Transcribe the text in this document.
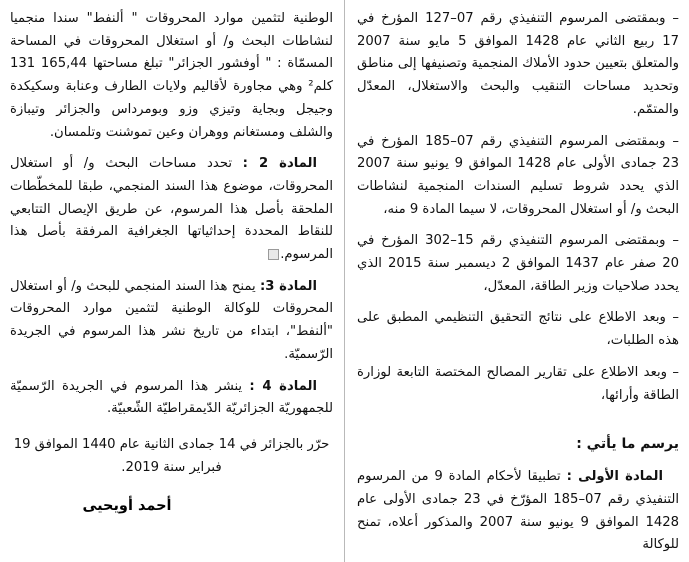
– وبمقتضى المرسوم التنفيذي رقم 07–127 المؤرخ في 17 ربيع الثاني عام 1428 الموافق 5 مايو سنة 2007 والمتعلق بتعيين حدود الأملاك المنجمية وتصنيفها إلى مناطق وتحديد مساحات التنقيب والبحث والاستغلال، المعدّل والمتمّم.

– وبمقتضى المرسوم التنفيذي رقم 07–185 المؤرخ في 23 جمادى الأولى عام 1428 الموافق 9 يونيو سنة 2007 الذي يحدد شروط تسليم السندات المنجمية لنشاطات البحث و/ أو استغلال المحروقات، لا سيما المادة 9 منه،

– وبمقتضى المرسوم التنفيذي رقم 15–302 المؤرخ في 20 صفر عام 1437 الموافق 2 ديسمبر سنة 2015 الذي يحدد صلاحيات وزير الطاقة، المعدّل،

– وبعد الاطلاع على نتائج التحقيق التنظيمي المطبق على هذه الطلبات،

– وبعد الاطلاع على تقارير المصالح المختصة التابعة لوزارة الطاقة وأرائها،

يرسم ما يأتي :

المادة الأولى : تطبيقا لأحكام المادة 9 من المرسوم التنفيذي رقم 07–185 المؤرّخ في 23 جمادى الأولى عام 1428 الموافق 9 يونيو سنة 2007 والمذكور أعلاه، تمنح للوكالة

الوطنية لتثمين موارد المحروقات " ألنفط" سندا منجميا لنشاطات البحث و/ أو استغلال المحروقات في المساحة المسمّاة : " أوفشور الجزائر" تبلغ مساحتها 165,44 131 كلم² وهي مجاورة لأقاليم ولايات الطارف وعنابة وسكيكدة وجيجل وبجاية وتيزي وزو وبومرداس والجزائر وتيبازة والشلف ومستغانم ووهران وعين تموشنت وتلمسان.

المادة 2 : تحدد مساحات البحث و/ أو استغلال المحروقات، موضوع هذا السند المنجمي، طبقا للمخطّطات الملحقة بأصل هذا المرسوم، عن طريق الإيصال التتابعي للنقاط المحددة إحداثياتها الجغرافية المرفقة بأصل هذا المرسوم.

المادة 3: يمنح هذا السند المنجمي للبحث و/ أو استغلال المحروقات للوكالة الوطنية لتثمين موارد المحروقات "ألنفط"، ابتداء من تاريخ نشر هذا المرسوم في الجريدة الرّسميّة.

المادة 4 : ينشر هذا المرسوم في الجريدة الرّسميّة للجمهوريّة الجزائريّة الدّيمقراطيّة الشّعبيّة.

حرّر بالجزائر في 14 جمادى الثانية عام 1440 الموافق 19 فبراير سنة 2019.

أحمد أويحيى
